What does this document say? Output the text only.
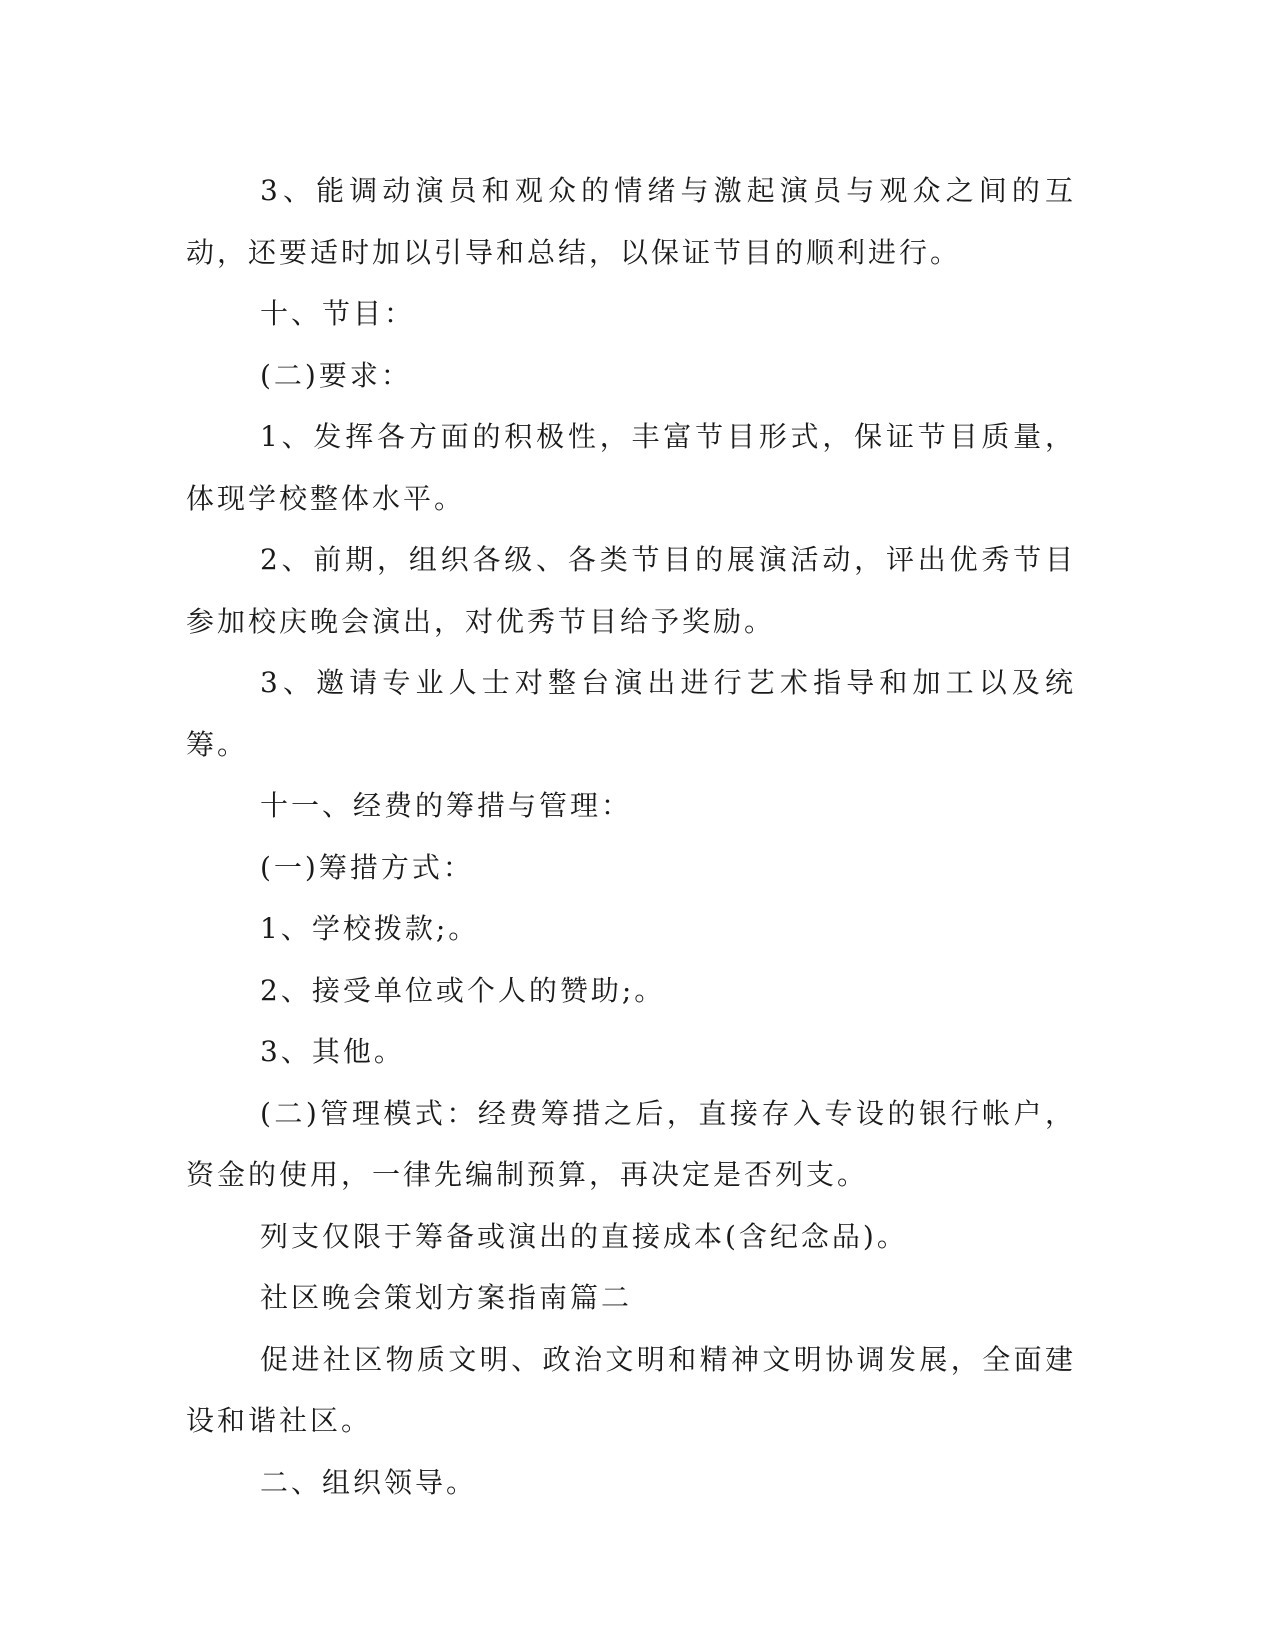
3、能调动演员和观众的情绪与激起演员与观众之间的互动，还要适时加以引导和总结，以保证节目的顺利进行。

十、节目：

(二)要求：

1、发挥各方面的积极性，丰富节目形式，保证节目质量，体现学校整体水平。

2、前期，组织各级、各类节目的展演活动，评出优秀节目参加校庆晚会演出，对优秀节目给予奖励。

3、邀请专业人士对整台演出进行艺术指导和加工以及统筹。

十一、经费的筹措与管理：

(一)筹措方式：

1、学校拨款;。

2、接受单位或个人的赞助;。

3、其他。

(二)管理模式：经费筹措之后，直接存入专设的银行帐户，资金的使用，一律先编制预算，再决定是否列支。

列支仅限于筹备或演出的直接成本(含纪念品)。

社区晚会策划方案指南篇二

促进社区物质文明、政治文明和精神文明协调发展，全面建设和谐社区。

二、组织领导。
